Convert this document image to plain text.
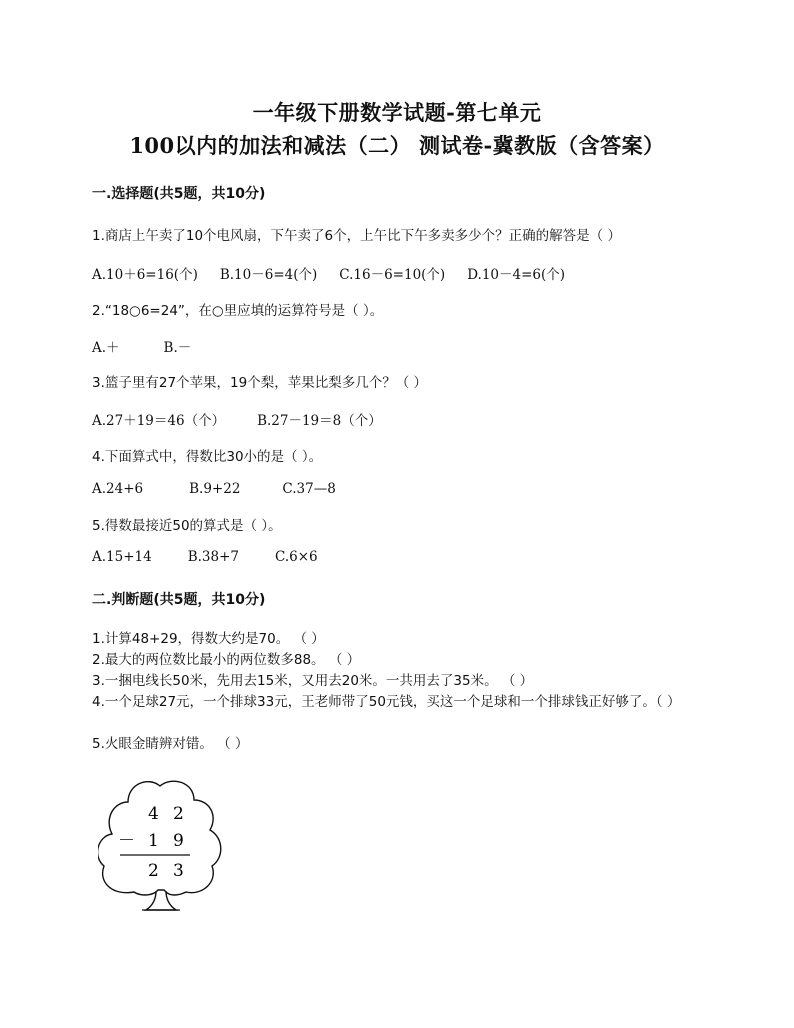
一年级下册数学试题-第七单元
100以内的加法和减法（二） 测试卷-冀教版（含答案）
一.选择题(共5题，共10分)
1.商店上午卖了10个电风扇，下午卖了6个，上午比下午多卖多少个？正确的解答是（ ）
A.10＋6=16(个) B.10－6=4(个) C.16－6=10(个) D.10－4=6(个)
2.“18○6=24”，在○里应填的运算符号是（ ）。
A.＋	B.－
3.篮子里有27个苹果，19个梨，苹果比梨多几个？（ ）
A.27＋19＝46（个） B.27－19＝8（个）
4.下面算式中，得数比30小的是（ ）。
A.24+6	B.9+22	C.37—8
5.得数最接近50的算式是（ ）。
A.15+14	B.38+7	C.6×6
二.判断题(共5题，共10分)
1.计算48+29，得数大约是70。 （ ）
2.最大的两位数比最小的两位数多88。 （ ）
3.一捆电线长50米，先用去15米，又用去20米。一共用去了35米。 （ ）
4.一个足球27元，一个排球33元，王老师带了50元钱，买这一个足球和一个排球钱正好够了。（ ）
5.火眼金睛辨对错。 （ ）
4 2
－ 1 9
2 3
